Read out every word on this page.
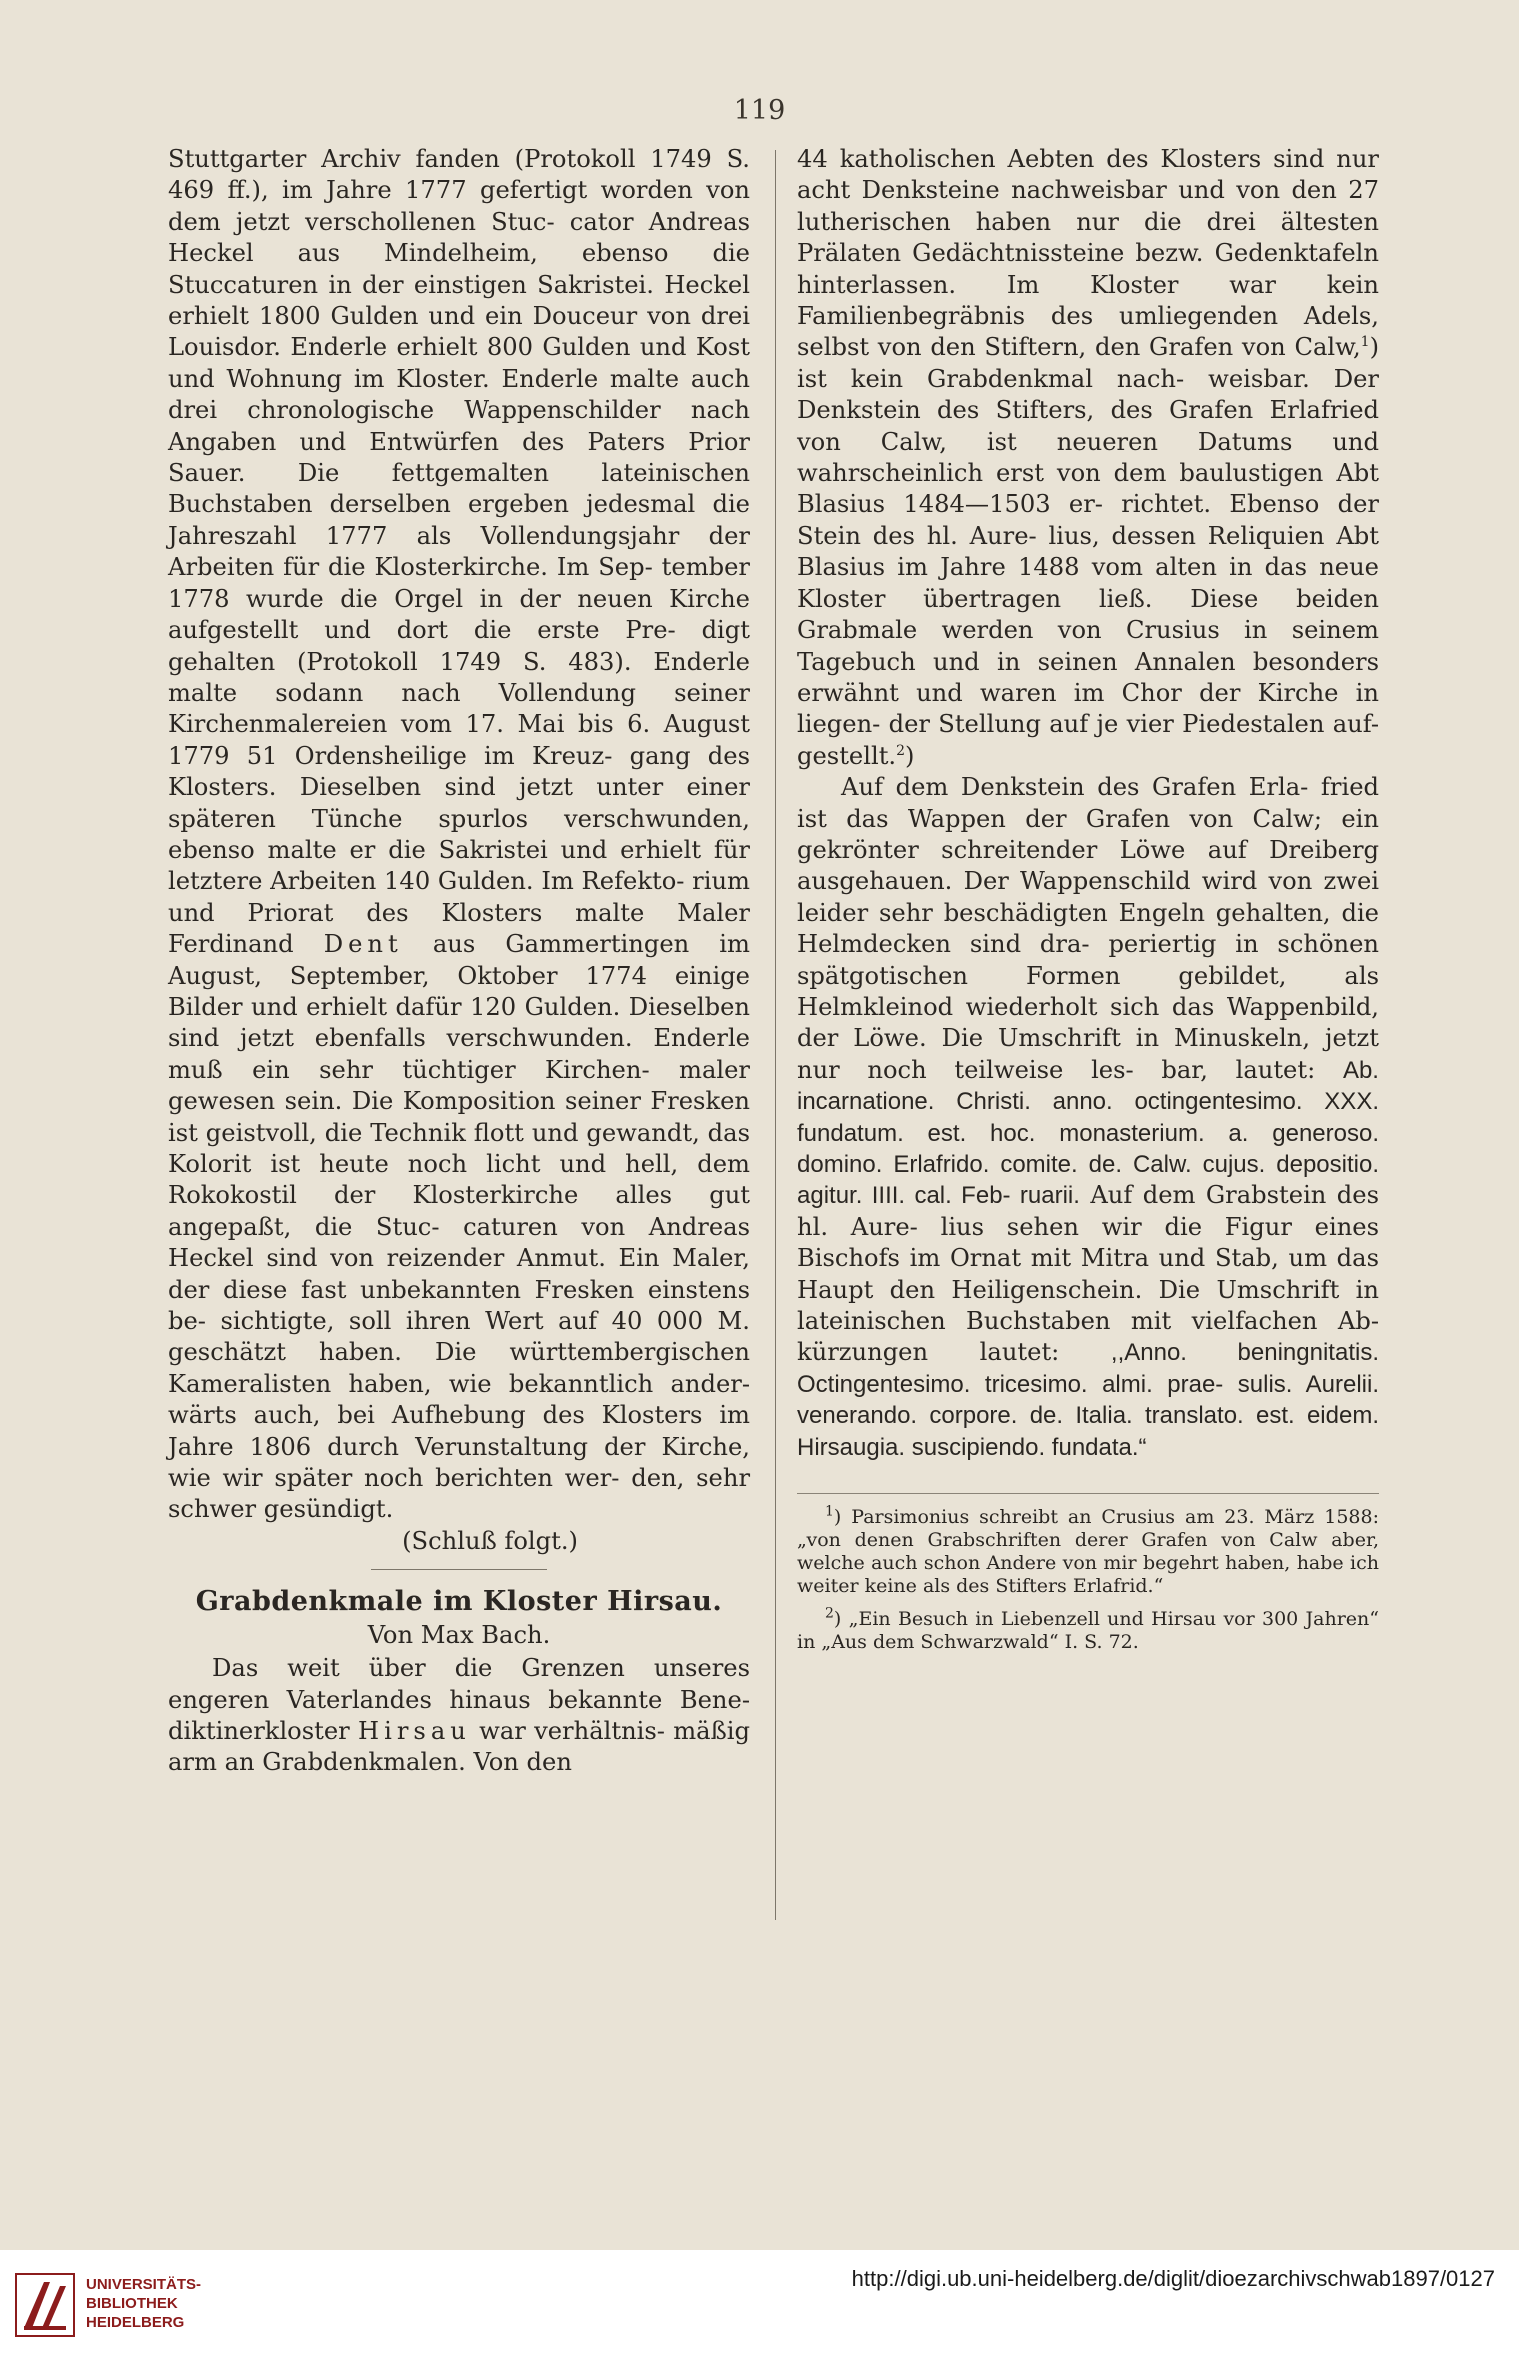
119

Stuttgarter Archiv fanden (Protokoll 1749 S. 469 ff.), im Jahre 1777 gefertigt worden von dem jetzt verschollenen Stuc- cator Andreas Heckel aus Mindelheim, ebenso die Stuccaturen in der einstigen Sakristei. Heckel erhielt 1800 Gulden und ein Douceur von drei Louisdor. Enderle erhielt 800 Gulden und Kost und Wohnung im Kloster. Enderle malte auch drei chronologische Wappenschilder nach Angaben und Entwürfen des Paters Prior Sauer. Die fettgemalten lateinischen Buchstaben derselben ergeben jedesmal die Jahreszahl 1777 als Vollendungsjahr der Arbeiten für die Klosterkirche. Im Sep- tember 1778 wurde die Orgel in der neuen Kirche aufgestellt und dort die erste Pre- digt gehalten (Protokoll 1749 S. 483). Enderle malte sodann nach Vollendung seiner Kirchenmalereien vom 17. Mai bis 6. August 1779 51 Ordensheilige im Kreuz- gang des Klosters. Dieselben sind jetzt unter einer späteren Tünche spurlos verschwunden, ebenso malte er die Sakristei und erhielt für letztere Arbeiten 140 Gulden. Im Refekto- rium und Priorat des Klosters malte Maler Ferdinand Dent aus Gammertingen im August, September, Oktober 1774 einige Bilder und erhielt dafür 120 Gulden. Dieselben sind jetzt ebenfalls verschwunden. Enderle muß ein sehr tüchtiger Kirchen- maler gewesen sein. Die Komposition seiner Fresken ist geistvoll, die Technik flott und gewandt, das Kolorit ist heute noch licht und hell, dem Rokokostil der Klosterkirche alles gut angepaßt, die Stuc- caturen von Andreas Heckel sind von reizender Anmut. Ein Maler, der diese fast unbekannten Fresken einstens be- sichtigte, soll ihren Wert auf 40 000 M. geschätzt haben. Die württembergischen Kameralisten haben, wie bekanntlich ander- wärts auch, bei Aufhebung des Klosters im Jahre 1806 durch Verunstaltung der Kirche, wie wir später noch berichten wer- den, sehr schwer gesündigt.

(Schluß folgt.)

Grabdenkmale im Kloster Hirsau.
Von Max Bach.

Das weit über die Grenzen unseres engeren Vaterlandes hinaus bekannte Bene- diktinerkloster Hirsau war verhältnis- mäßig arm an Grabdenkmalen. Von den

44 katholischen Aebten des Klosters sind nur acht Denksteine nachweisbar und von den 27 lutherischen haben nur die drei ältesten Prälaten Gedächtnissteine bezw. Gedenktafeln hinterlassen. Im Kloster war kein Familienbegräbnis des umliegenden Adels, selbst von den Stiftern, den Grafen von Calw,$^1$) ist kein Grabdenkmal nach- weisbar. Der Denkstein des Stifters, des Grafen Erlafried von Calw, ist neueren Datums und wahrscheinlich erst von dem baulustigen Abt Blasius 1484—1503 er- richtet. Ebenso der Stein des hl. Aure- lius, dessen Reliquien Abt Blasius im Jahre 1488 vom alten in das neue Kloster übertragen ließ. Diese beiden Grabmale werden von Crusius in seinem Tagebuch und in seinen Annalen besonders erwähnt und waren im Chor der Kirche in liegen- der Stellung auf je vier Piedestalen auf- gestellt.$^2$)

Auf dem Denkstein des Grafen Erla- fried ist das Wappen der Grafen von Calw; ein gekrönter schreitender Löwe auf Dreiberg ausgehauen. Der Wappenschild wird von zwei leider sehr beschädigten Engeln gehalten, die Helmdecken sind dra- periertig in schönen spätgotischen Formen gebildet, als Helmkleinod wiederholt sich das Wappenbild, der Löwe. Die Umschrift in Minuskeln, jetzt nur noch teilweise les- bar, lautet: Ab. incarnatione. Christi. anno. octingentesimo. XXX. fundatum. est. hoc. monasterium. a. generoso. domino. Erlafrido. comite. de. Calw. cujus. depositio. agitur. IIII. cal. Feb- ruarii. Auf dem Grabstein des hl. Aure- lius sehen wir die Figur eines Bischofs im Ornat mit Mitra und Stab, um das Haupt den Heiligenschein. Die Umschrift in lateinischen Buchstaben mit vielfachen Ab- kürzungen lautet: ,,Anno. beningnitatis. Octingentesimo. tricesimo. almi. prae- sulis. Aurelii. venerando. corpore. de. Italia. translato. est. eidem. Hirsaugia. suscipiendo. fundata.“

$^1$) Parsimonius schreibt an Crusius am 23. März 1588: „von denen Grabschriften derer Grafen von Calw aber, welche auch schon Andere von mir begehrt haben, habe ich weiter keine als des Stifters Erlafrid.“

$^2$) „Ein Besuch in Liebenzell und Hirsau vor 300 Jahren“ in „Aus dem Schwarzwald“ I. S. 72.

UNIVERSITÄTS-
BIBLIOTHEK
HEIDELBERG
http://digi.ub.uni-heidelberg.de/diglit/dioezarchivschwab1897/0127
